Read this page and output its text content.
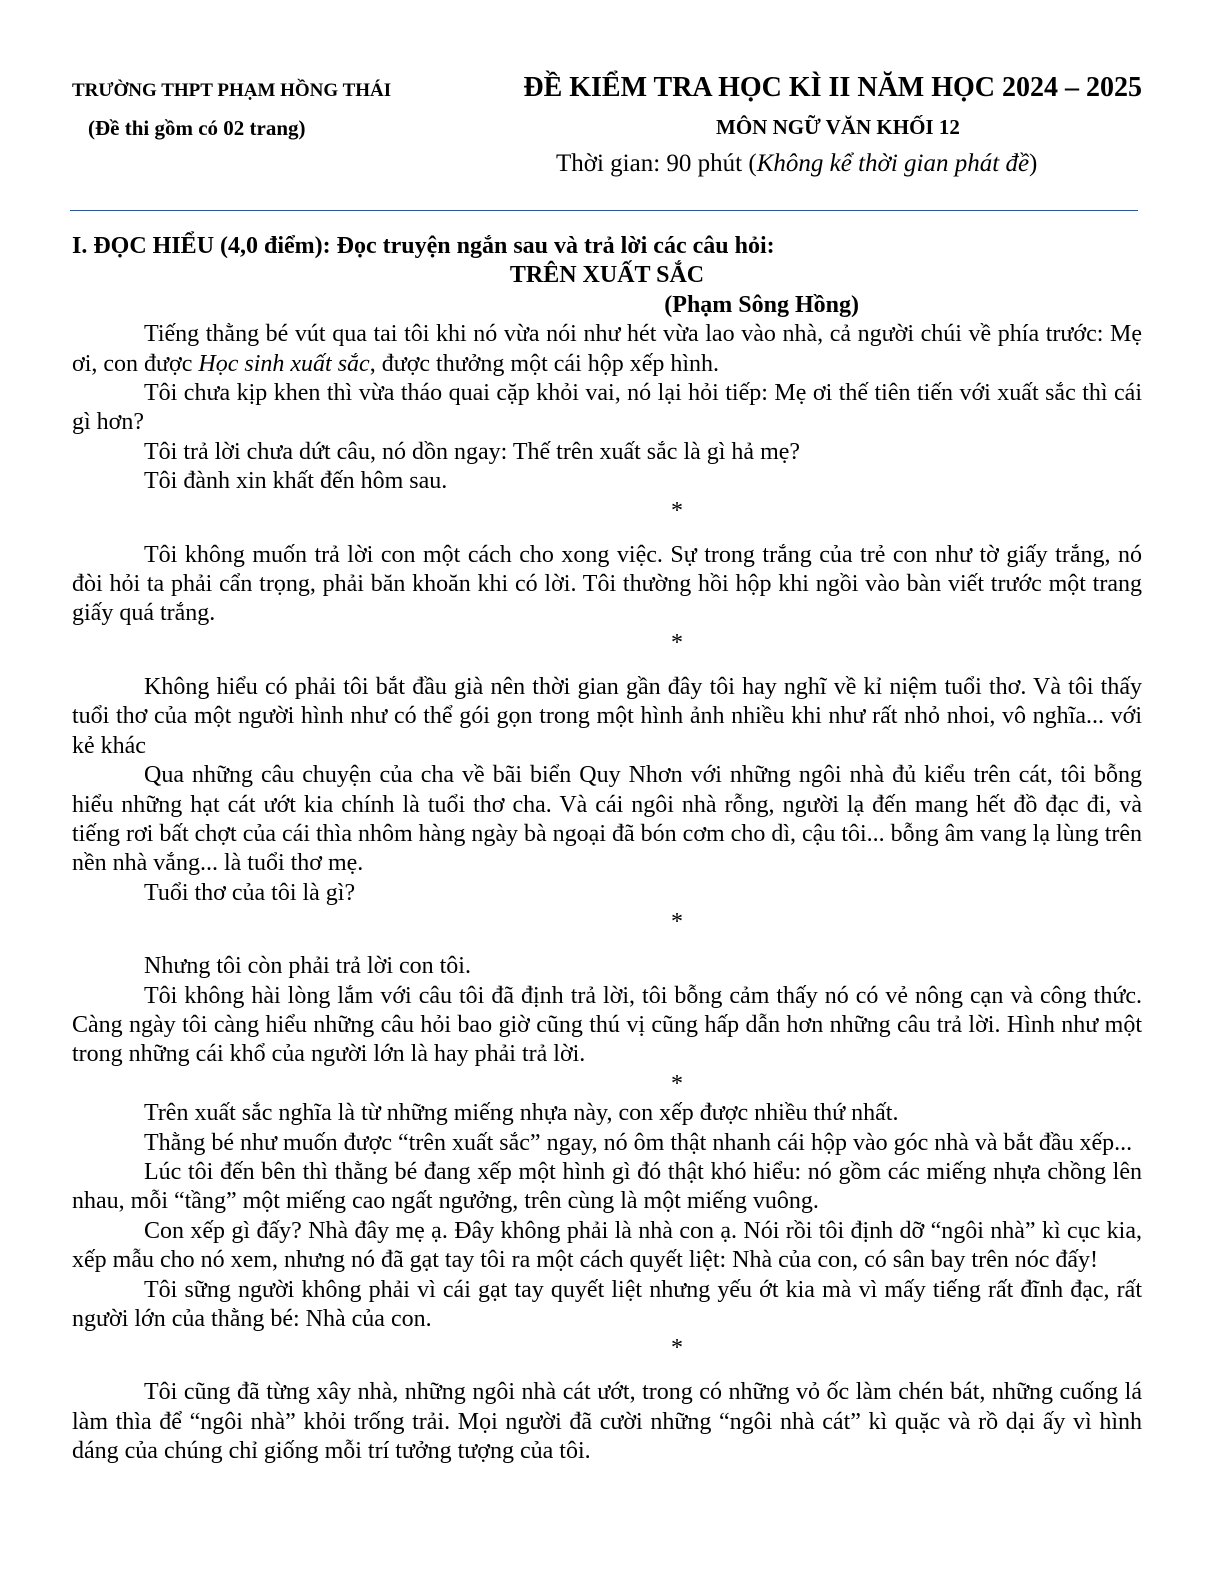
TRƯỜNG THPT PHẠM HỒNG THÁI
(Đề thi gồm có 02 trang)
ĐỀ KIỂM TRA HỌC KÌ II NĂM HỌC 2024 – 2025
MÔN NGỮ VĂN KHỐI 12
Thời gian: 90 phút (Không kể thời gian phát đề)

I. ĐỌC HIỂU (4,0 điểm): Đọc truyện ngắn sau và trả lời các câu hỏi:

TRÊN XUẤT SẮC

(Phạm Sông Hồng)

Tiếng thằng bé vút qua tai tôi khi nó vừa nói như hét vừa lao vào nhà, cả người chúi về phía trước: Mẹ ơi, con được Học sinh xuất sắc, được thưởng một cái hộp xếp hình.

Tôi chưa kịp khen thì vừa tháo quai cặp khỏi vai, nó lại hỏi tiếp: Mẹ ơi thế tiên tiến với xuất sắc thì cái gì hơn?

Tôi trả lời chưa dứt câu, nó dồn ngay: Thế trên xuất sắc là gì hả mẹ?

Tôi đành xin khất đến hôm sau.

*

Tôi không muốn trả lời con một cách cho xong việc. Sự trong trắng của trẻ con như tờ giấy trắng, nó đòi hỏi ta phải cẩn trọng, phải băn khoăn khi có lời. Tôi thường hồi hộp khi ngồi vào bàn viết trước một trang giấy quá trắng.

*

Không hiểu có phải tôi bắt đầu già nên thời gian gần đây tôi hay nghĩ về kỉ niệm tuổi thơ. Và tôi thấy tuổi thơ của một người hình như có thể gói gọn trong một hình ảnh nhiều khi như rất nhỏ nhoi, vô nghĩa... với kẻ khác

Qua những câu chuyện của cha về bãi biển Quy Nhơn với những ngôi nhà đủ kiểu trên cát, tôi bỗng hiểu những hạt cát ướt kia chính là tuổi thơ cha. Và cái ngôi nhà rỗng, người lạ đến mang hết đồ đạc đi, và tiếng rơi bất chợt của cái thìa nhôm hàng ngày bà ngoại đã bón cơm cho dì, cậu tôi... bỗng âm vang lạ lùng trên nền nhà vắng... là tuổi thơ mẹ.

Tuổi thơ của tôi là gì?

*

Nhưng tôi còn phải trả lời con tôi.

Tôi không hài lòng lắm với câu tôi đã định trả lời, tôi bỗng cảm thấy nó có vẻ nông cạn và công thức. Càng ngày tôi càng hiểu những câu hỏi bao giờ cũng thú vị cũng hấp dẫn hơn những câu trả lời. Hình như một trong những cái khổ của người lớn là hay phải trả lời.

*

Trên xuất sắc nghĩa là từ những miếng nhựa này, con xếp được nhiều thứ nhất.

Thằng bé như muốn được “trên xuất sắc” ngay, nó ôm thật nhanh cái hộp vào góc nhà và bắt đầu xếp...

Lúc tôi đến bên thì thằng bé đang xếp một hình gì đó thật khó hiểu: nó gồm các miếng nhựa chồng lên nhau, mỗi “tầng” một miếng cao ngất ngưởng, trên cùng là một miếng vuông.

Con xếp gì đấy? Nhà đây mẹ ạ. Đây không phải là nhà con ạ. Nói rồi tôi định dỡ “ngôi nhà” kì cục kia, xếp mẫu cho nó xem, nhưng nó đã gạt tay tôi ra một cách quyết liệt: Nhà của con, có sân bay trên nóc đấy!

Tôi sững người không phải vì cái gạt tay quyết liệt nhưng yếu ớt kia mà vì mấy tiếng rất đĩnh đạc, rất người lớn của thằng bé: Nhà của con.

*

Tôi cũng đã từng xây nhà, những ngôi nhà cát ướt, trong có những vỏ ốc làm chén bát, những cuống lá làm thìa để “ngôi nhà” khỏi trống trải. Mọi người đã cười những “ngôi nhà cát” kì quặc và rồ dại ấy vì hình dáng của chúng chỉ giống mỗi trí tưởng tượng của tôi.
